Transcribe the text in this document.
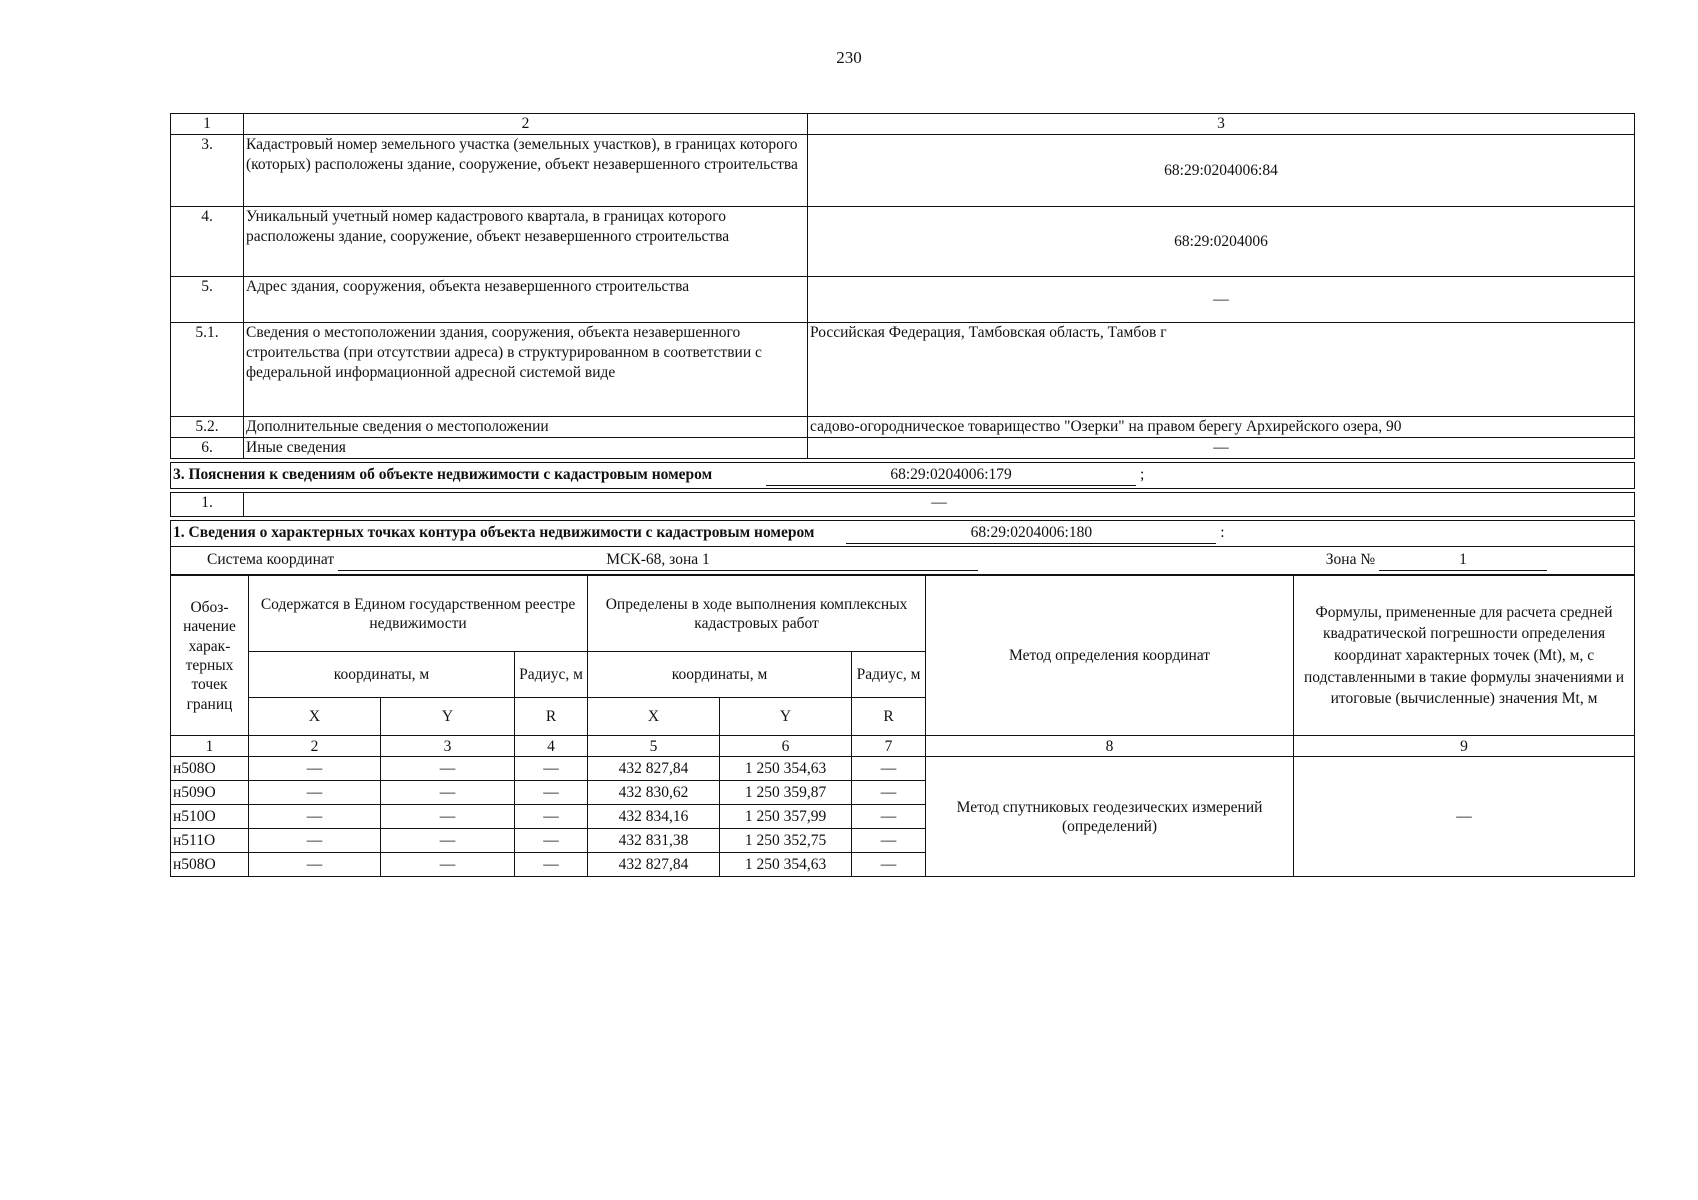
230
1	2	3
3.	Кадастровый номер земельного участка (земельных участков), в границах которого (которых) расположены здание, сооружение, объект незавершенного строительства	68:29:0204006:84
4.	Уникальный учетный номер кадастрового квартала, в границах которого расположены здание, сооружение, объект незавершенного строительства	68:29:0204006
5.	Адрес здания, сооружения, объекта незавершенного строительства	—
5.1.	Сведения о местоположении здания, сооружения, объекта незавершенного строительства (при отсутствии адреса) в структурированном в соответствии с федеральной информационной адресной системой виде	Российская Федерация, Тамбовская область, Тамбов г
5.2.	Дополнительные сведения о местоположении	садово-огородническое товарищество "Озерки" на правом берегу Архирейского озера, 90
6.	Иные сведения	—

3. Пояснения к сведениям об объекте недвижимости с кадастровым номером 68:29:0204006:179 ;		

1.	—	

1. Сведения о характерных точках контура объекта недвижимости с кадастровым номером 68:29:0204006:180 :		
Система координат МСК-68, зона 1 Зона № 1		
Обоз-начение харак-терных точек границ	Содержатся в Едином государственном реестре недвижимости			Определены в ходе выполнения комплексных кадастровых работ			Метод определения координат	Формулы, примененные для расчета средней квадратической погрешности определения координат характерных точек (Mt), м, с подставленными в такие формулы значениями и итоговые (вычисленные) значения Mt, м
	координаты, м		Радиус, м	координаты, м		Радиус, м		
	X	Y	R	X	Y	R		
1	2	3	4	5	6	7	8	9
н508О	—	—	—	432 827,84	1 250 354,63	—	Метод спутниковых геодезических измерений (определений)	—
н509О	—	—	—	432 830,62	1 250 359,87	—		
н510О	—	—	—	432 834,16	1 250 357,99	—		
н511О	—	—	—	432 831,38	1 250 352,75	—		
н508О	—	—	—	432 827,84	1 250 354,63	—		
